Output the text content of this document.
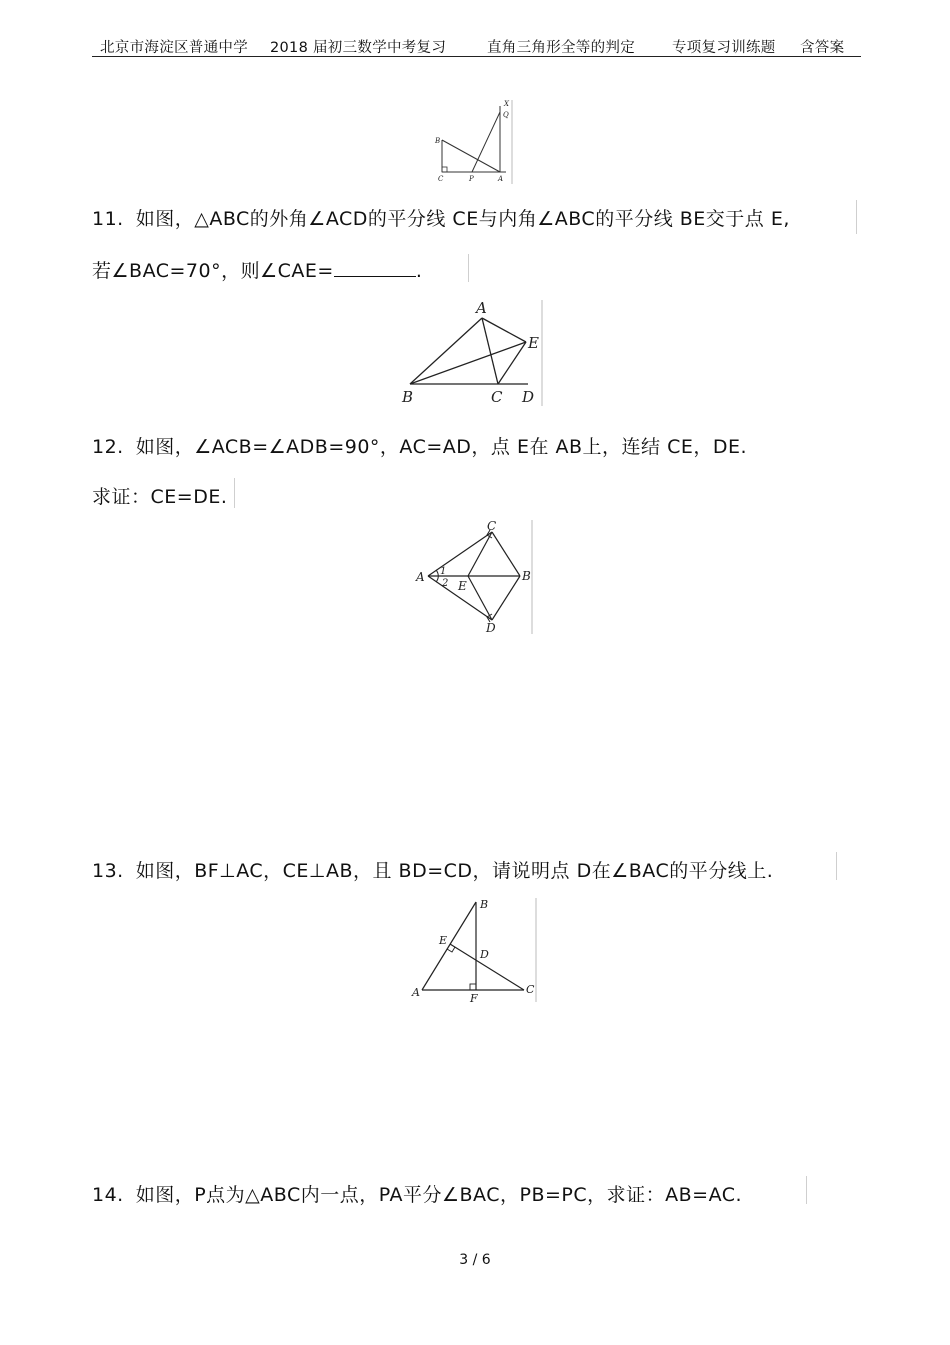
北京市海淀区普通中学 2018 届初三数学中考复习	直角三角形全等的判定	专项复习训练题 含答案
X
Q
B
C	P	A
11. 如图，△ABC的外角∠ACD的平分线 CE与内角∠ABC的平分线 BE交于点 E,
若∠BAC=70°，则∠CAE=	.
A
E
B	C D
12. 如图，∠ACB=∠ADB=90°，AC=AD，点 E在 AB上，连结 CE，DE.
求证：CE=DE.
C
A 1
2 E
B
D
13. 如图，BF⊥AC，CE⊥AB，且 BD=CD，请说明点 D在∠BAC的平分线上.
B
E
D
A	F
C
14. 如图，P点为△ABC内一点，PA平分∠BAC，PB=PC，求证：AB=AC.
3 / 6
